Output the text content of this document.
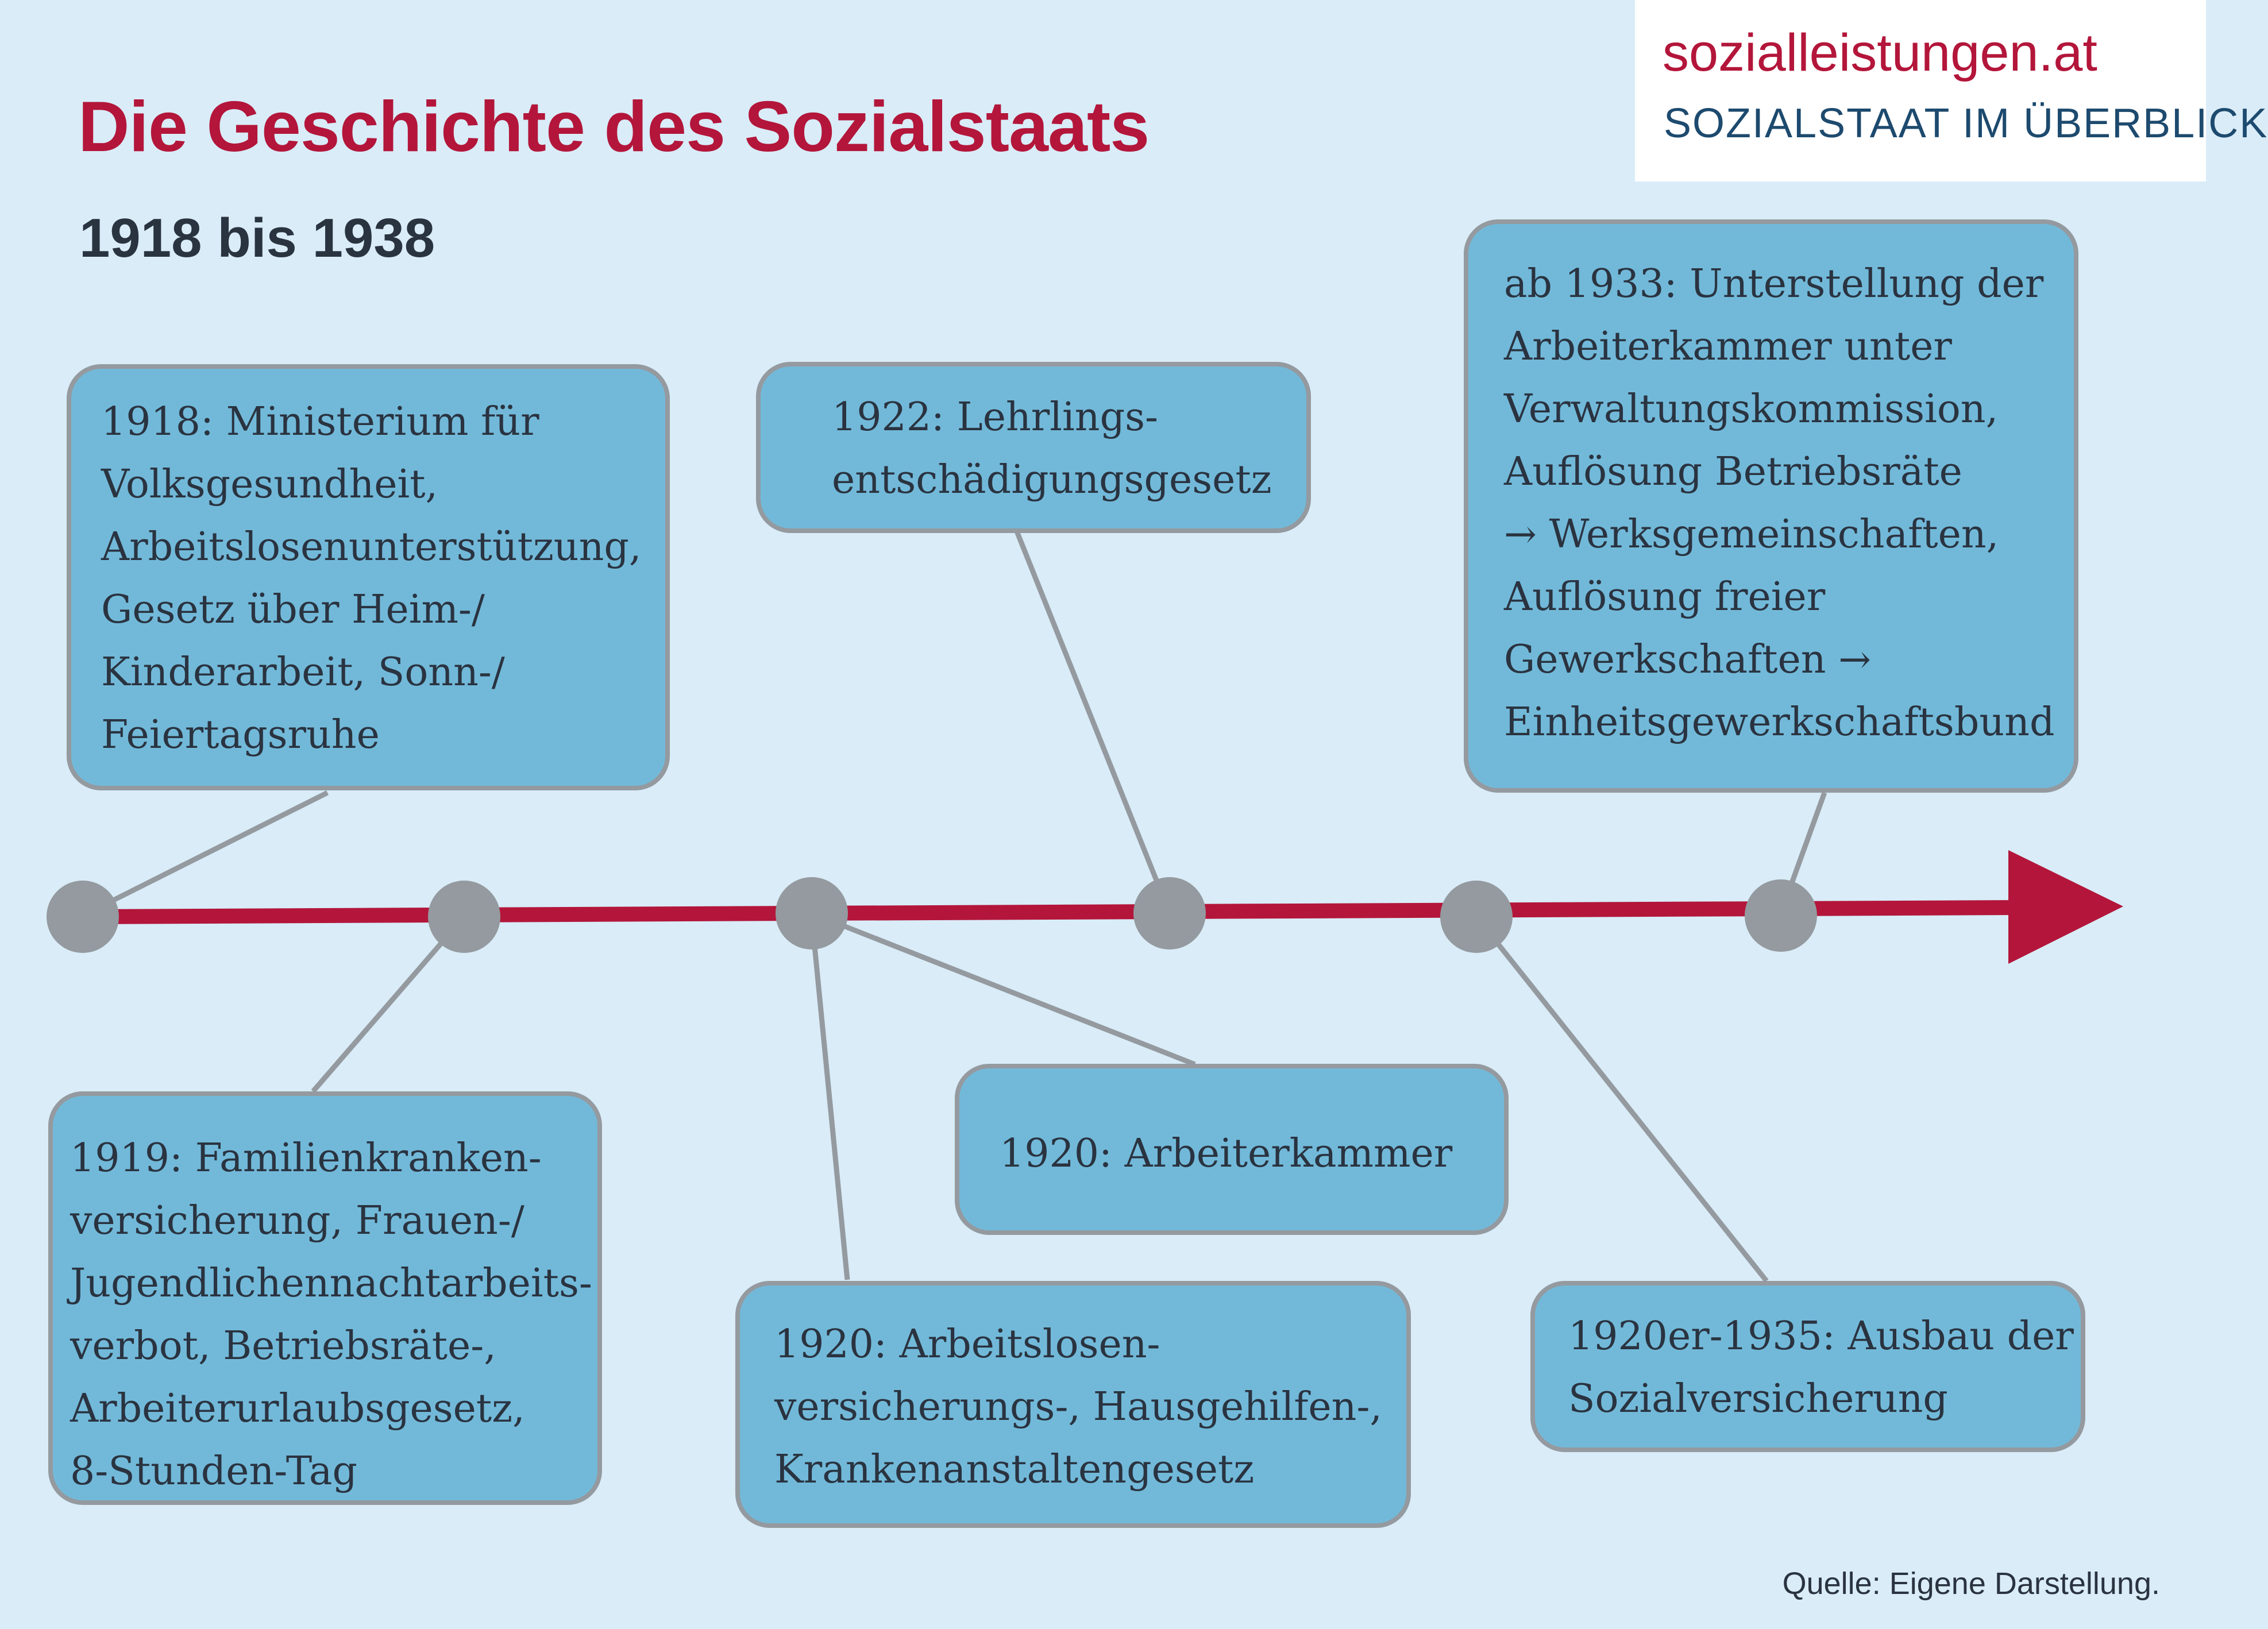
Die Geschichte des Sozialstaats
1918 bis 1938
sozialleistungen.at
SOZIALSTAAT IM ÜBERBLICK
1918: Ministerium für
Volksgesundheit,
Arbeitslosenunterstützung,
Gesetz über Heim-/
Kinderarbeit, Sonn-/
Feiertagsruhe
1919: Familienkranken-
versicherung, Frauen-/
Jugendlichennachtarbeits-
verbot, Betriebsräte-,
Arbeiterurlaubsgesetz,
8-Stunden-Tag
1920: Arbeitslosen-
versicherungs-, Hausgehilfen-,
Krankenanstaltengesetz
1920: Arbeiterkammer
1922: Lehrlings-
entschädigungsgesetz
1920er-1935: Ausbau der
Sozialversicherung
ab 1933: Unterstellung der
Arbeiterkammer unter
Verwaltungskommission,
Auflösung Betriebsräte
→ Werksgemeinschaften,
Auflösung freier
Gewerkschaften →
Einheitsgewerkschaftsbund
Quelle: Eigene Darstellung.
